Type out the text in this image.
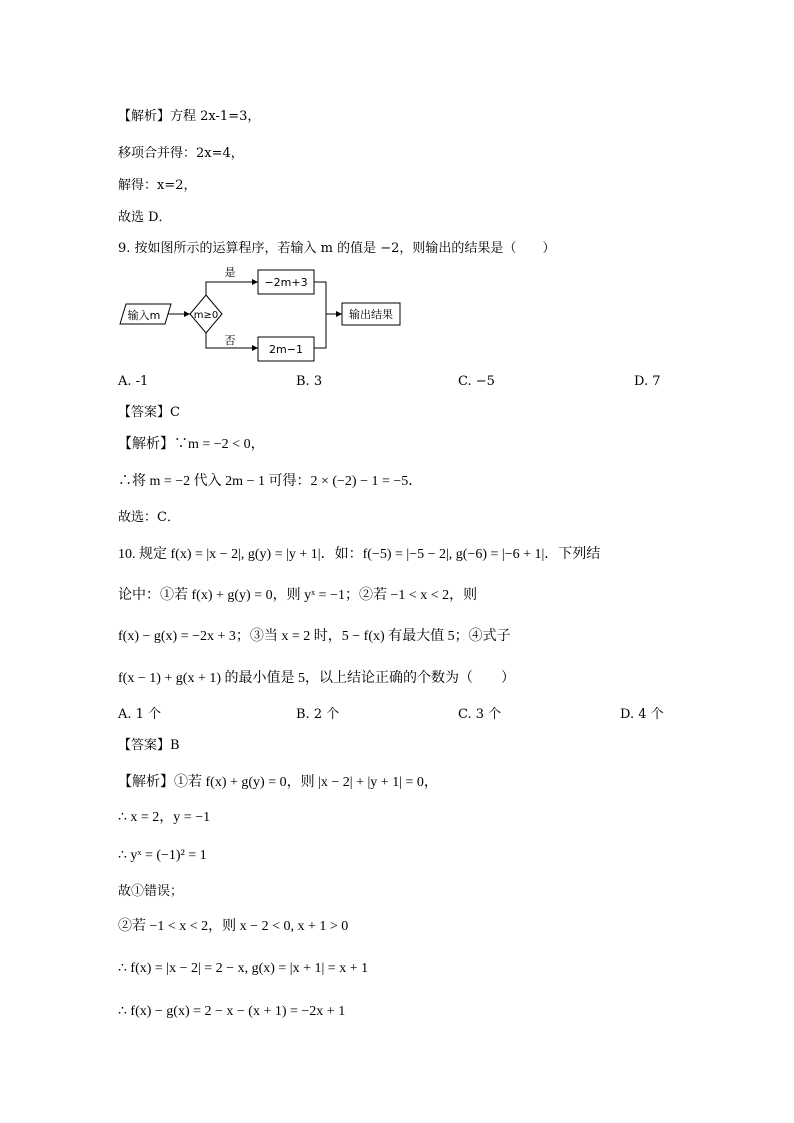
【解析】方程 2x-1=3，
移项合并得：2x=4，
解得：x=2，
故选 D．
9. 按如图所示的运算程序，若输入 m 的值是 −2，则输出的结果是（　　）
输入m	m≥0
是
−2m+3
否
2m−1
输出结果
A. -1	B. 3	C. −5	D. 7
【答案】C
【解析】∵m = −2 < 0，
∴将 m = −2 代入 2m − 1 可得：2 × (−2) − 1 = −5．
故选：C．
10. 规定 f(x) = |x − 2|, g(y) = |y + 1|．如：f(−5) = |−5 − 2|, g(−6) = |−6 + 1|．下列结
论中：①若 f(x) + g(y) = 0，则 yˣ = −1；②若 −1 < x < 2，则
f(x) − g(x) = −2x + 3；③当 x = 2 时，5 − f(x) 有最大值 5；④式子
f(x − 1) + g(x + 1) 的最小值是 5，以上结论正确的个数为（　　）
A. 1 个	B. 2 个	C. 3 个	D. 4 个
【答案】B
【解析】①若 f(x) + g(y) = 0，则 |x − 2| + |y + 1| = 0，
∴ x = 2，y = −1
∴ yˣ = (−1)² = 1
故①错误；
②若 −1 < x < 2，则 x − 2 < 0, x + 1 > 0
∴ f(x) = |x − 2| = 2 − x, g(x) = |x + 1| = x + 1
∴ f(x) − g(x) = 2 − x − (x + 1) = −2x + 1
